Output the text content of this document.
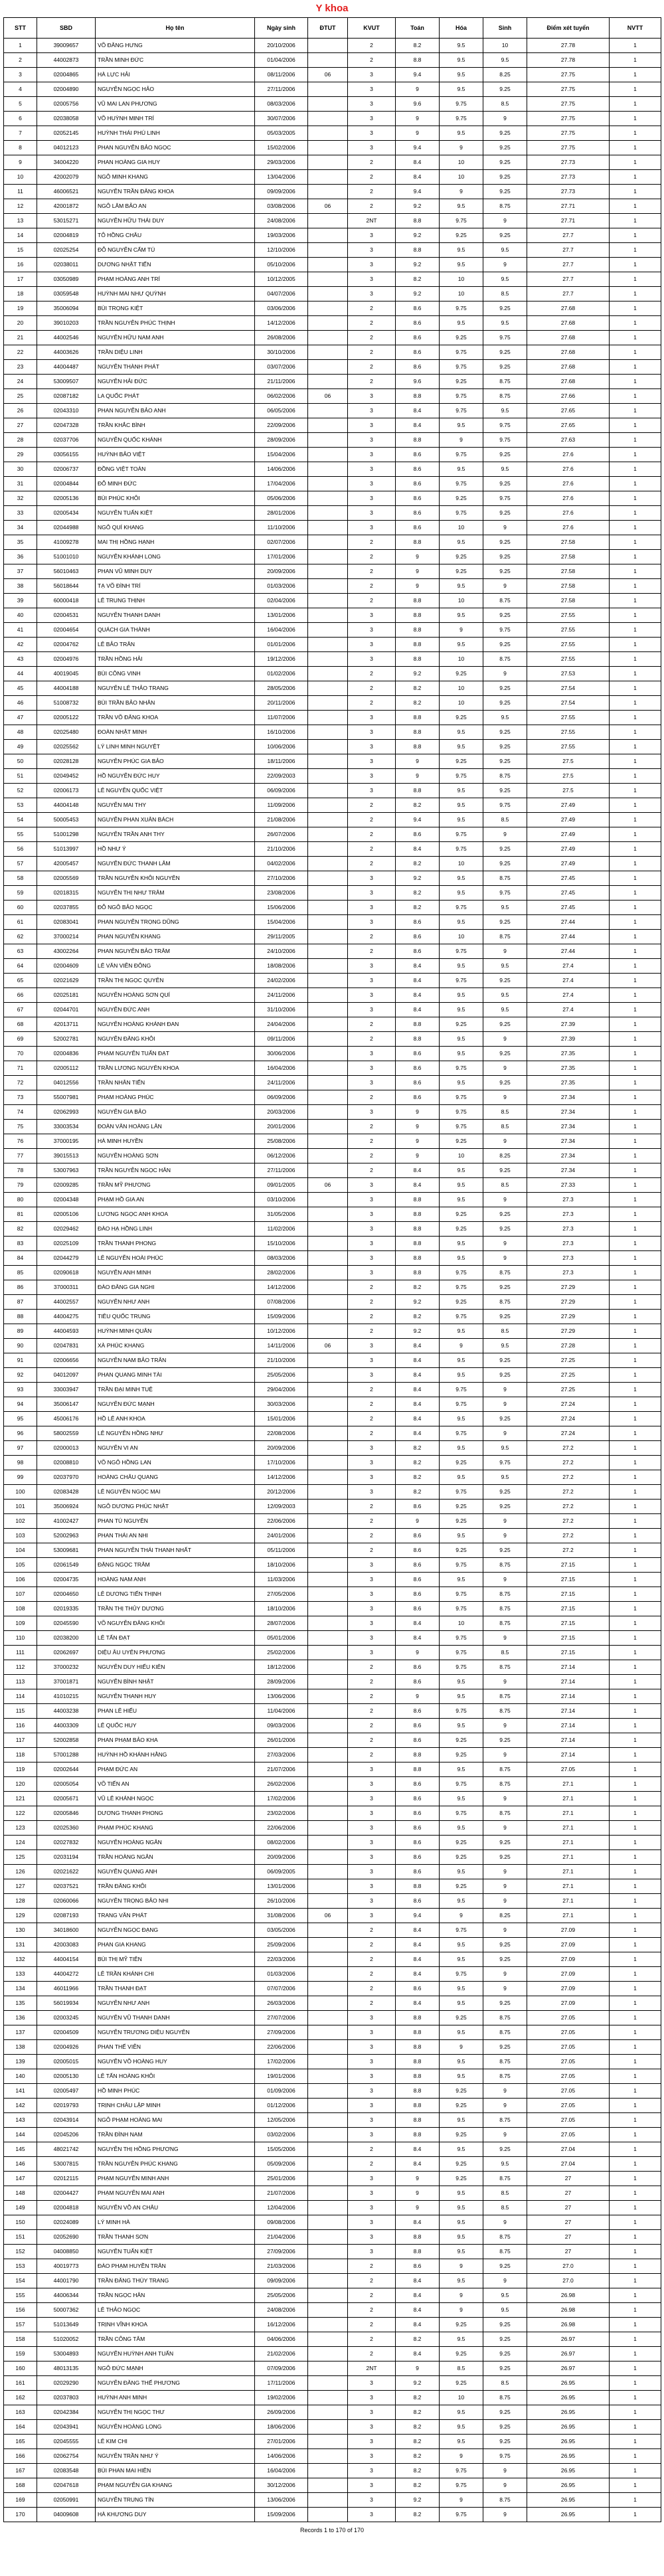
Y khoa
STT	SBD	Họ tên	Ngày sinh	ĐTUT	KVUT	Toán	Hóa	Sinh	Điểm xét tuyển	NVTT
1	39009657	VÕ ĐĂNG HƯNG	20/10/2006		2	8.2	9.5	10	27.78	1
2	44002873	TRẦN MINH ĐỨC	01/04/2006		2	8.8	9.5	9.5	27.78	1
3	02004865	HÀ LỰC HẢI	08/11/2006	06	3	9.4	9.5	8.25	27.75	1
4	02004890	NGUYỄN NGỌC HẢO	27/11/2006		3	9	9.5	9.25	27.75	1
5	02005756	VŨ MAI LAN PHƯƠNG	08/03/2006		3	9.6	9.75	8.5	27.75	1
6	02038058	VÕ HUỲNH MINH TRÍ	30/07/2006		3	9	9.75	9	27.75	1
7	02052145	HUỲNH THÁI PHÚ LINH	05/03/2005		3	9	9.5	9.25	27.75	1
8	04012123	PHAN NGUYỄN BẢO NGỌC	15/02/2006		3	9.4	9	9.25	27.75	1
9	34004220	PHAN HOÀNG GIA HUY	29/03/2006		2	8.4	10	9.25	27.73	1
10	42002079	NGÔ MINH KHANG	13/04/2006		2	8.4	10	9.25	27.73	1
11	46006521	NGUYỄN TRẦN ĐĂNG KHOA	09/09/2006		2	9.4	9	9.25	27.73	1
12	42001872	NGÔ LÂM BẢO AN	03/08/2006	06	2	9.2	9.5	8.75	27.71	1
13	53015271	NGUYỄN HỮU THÁI DUY	24/08/2006		2NT	8.8	9.75	9	27.71	1
14	02004819	TÔ HỒNG CHÂU	19/03/2006		3	9.2	9.25	9.25	27.7	1
15	02025254	ĐỖ NGUYỄN CẨM TÚ	12/10/2006		3	8.8	9.5	9.5	27.7	1
16	02038011	DƯƠNG NHẬT TIẾN	05/10/2006		3	9.2	9.5	9	27.7	1
17	03050989	PHẠM HOÀNG ANH TRÍ	10/12/2005		3	8.2	10	9.5	27.7	1
18	03059548	HUỲNH MAI NHƯ QUỲNH	04/07/2006		3	9.2	10	8.5	27.7	1
19	35006094	BÙI TRỌNG KIỆT	03/06/2006		2	8.6	9.75	9.25	27.68	1
20	39010203	TRẦN NGUYỄN PHÚC THỊNH	14/12/2006		2	8.6	9.5	9.5	27.68	1
21	44002546	NGUYỄN HỮU NAM ANH	26/08/2006		2	8.6	9.25	9.75	27.68	1
22	44003626	TRẦN DIỆU LINH	30/10/2006		2	8.6	9.75	9.25	27.68	1
23	44004487	NGUYỄN THÀNH PHÁT	03/07/2006		2	8.6	9.75	9.25	27.68	1
24	53009507	NGUYỄN HẢI ĐỨC	21/11/2006		2	9.6	9.25	8.75	27.68	1
25	02087182	LA QUỐC PHÁT	06/02/2006	06	3	8.8	9.75	8.75	27.66	1
26	02043310	PHAN NGUYỄN BẢO ANH	06/05/2006		3	8.4	9.75	9.5	27.65	1
27	02047328	TRẦN KHẮC BÌNH	22/09/2006		3	8.4	9.5	9.75	27.65	1
28	02037706	NGUYỄN QUỐC KHÁNH	28/09/2006		3	8.8	9	9.75	27.63	1
29	03056155	HUỲNH BẢO VIỆT	15/04/2006		3	8.6	9.75	9.25	27.6	1
30	02006737	ĐỒNG VIỆT TOÀN	14/06/2006		3	8.6	9.5	9.5	27.6	1
31	02004844	ĐỖ MINH ĐỨC	17/04/2006		3	8.6	9.75	9.25	27.6	1
32	02005136	BÙI PHÚC KHÔI	05/06/2006		3	8.6	9.25	9.75	27.6	1
33	02005434	NGUYỄN TUẤN KIỆT	28/01/2006		3	8.6	9.75	9.25	27.6	1
34	02044988	NGÔ QUÍ KHANG	11/10/2006		3	8.6	10	9	27.6	1
35	41009278	MAI THỊ HỒNG HẠNH	02/07/2006		2	8.8	9.5	9.25	27.58	1
36	51001010	NGUYỄN KHÁNH LONG	17/01/2006		2	9	9.25	9.25	27.58	1
37	56010463	PHAN VŨ MINH DUY	20/09/2006		2	9	9.25	9.25	27.58	1
38	56018644	TẠ VÕ ĐÌNH TRÍ	01/03/2006		2	9	9.5	9	27.58	1
39	60000418	LÊ TRUNG THỊNH	02/04/2006		2	8.8	10	8.75	27.58	1
40	02004531	NGUYỄN THANH DANH	13/01/2006		3	8.8	9.5	9.25	27.55	1
41	02004654	QUÁCH GIA THÀNH	16/04/2006		3	8.8	9	9.75	27.55	1
42	02004762	LÊ BẢO TRÂN	01/01/2006		3	8.8	9.5	9.25	27.55	1
43	02004976	TRẦN HỒNG HẢI	19/12/2006		3	8.8	10	8.75	27.55	1
44	40019045	BÙI CÔNG VINH	01/02/2006		2	9.2	9.25	9	27.53	1
45	44004188	NGUYỄN LÊ THẢO TRANG	28/05/2006		2	8.2	10	9.25	27.54	1
46	51008732	BÙI TRẦN BẢO NHÂN	20/11/2006		2	8.2	10	9.25	27.54	1
47	02005122	TRẦN VÕ ĐĂNG KHOA	11/07/2006		3	8.8	9.25	9.5	27.55	1
48	02025480	ĐOÀN NHẬT MINH	16/10/2006		3	8.8	9.5	9.25	27.55	1
49	02025562	LÝ LINH MINH NGUYỆT	10/06/2006		3	8.8	9.5	9.25	27.55	1
50	02028128	NGUYỄN PHÚC GIA BẢO	18/11/2006		3	9	9.25	9.25	27.5	1
51	02049452	HỒ NGUYỄN ĐỨC HUY	22/09/2003		3	9	9.75	8.75	27.5	1
52	02006173	LÊ NGUYỄN QUỐC VIỆT	06/09/2006		3	8.8	9.5	9.25	27.5	1
53	44004148	NGUYỄN MAI THY	11/09/2006		2	8.2	9.5	9.75	27.49	1
54	50005453	NGUYỄN PHAN XUÂN BÁCH	21/08/2006		2	9.4	9.5	8.5	27.49	1
55	51001298	NGUYỄN TRẦN ANH THY	26/07/2006		2	8.6	9.75	9	27.49	1
56	51013997	HỒ NHƯ Ý	21/10/2006		2	8.4	9.75	9.25	27.49	1
57	42005457	NGUYỄN ĐỨC THANH LÂM	04/02/2006		2	8.2	10	9.25	27.49	1
58	02005569	TRẦN NGUYỄN KHÔI NGUYÊN	27/10/2006		3	9.2	9.5	8.75	27.45	1
59	02018315	NGUYỄN THỊ NHƯ TRÂM	23/08/2006		3	8.2	9.5	9.75	27.45	1
60	02037855	ĐỖ NGÔ BẢO NGỌC	15/06/2006		3	8.2	9.75	9.5	27.45	1
61	02083041	PHAN NGUYỄN TRỌNG DŨNG	15/04/2006		3	8.6	9.5	9.25	27.44	1
62	37000214	PHAN NGUYỄN KHANG	29/11/2005		2	8.6	10	8.75	27.44	1
63	43002264	PHAN NGUYỄN BẢO TRÂM	24/10/2006		2	8.6	9.75	9	27.44	1
64	02004609	LÊ VĂN VIỄN ĐÔNG	18/08/2006		3	8.4	9.5	9.5	27.4	1
65	02021629	TRẦN THỊ NGỌC QUYÊN	24/02/2006		3	8.4	9.75	9.25	27.4	1
66	02025181	NGUYỄN HOÀNG SƠN QUÍ	24/11/2006		3	8.4	9.5	9.5	27.4	1
67	02044701	NGUYỄN ĐỨC ANH	31/10/2006		3	8.4	9.5	9.5	27.4	1
68	42013711	NGUYỄN HOÀNG KHÁNH ĐAN	24/04/2006		2	8.8	9.25	9.25	27.39	1
69	52002781	NGUYỄN ĐĂNG KHÔI	09/11/2006		2	8.8	9.5	9	27.39	1
70	02004836	PHẠM NGUYỄN TUẤN ĐẠT	30/06/2006		3	8.6	9.5	9.25	27.35	1
71	02005112	TRẦN LƯƠNG NGUYÊN KHOA	16/04/2006		3	8.6	9.75	9	27.35	1
72	04012556	TRẦN NHÂN TIẾN	24/11/2006		3	8.6	9.5	9.25	27.35	1
73	55007981	PHẠM HOÀNG PHÚC	06/09/2006		2	8.6	9.75	9	27.34	1
74	02062993	NGUYỄN GIA BẢO	20/03/2006		3	9	9.75	8.5	27.34	1
75	33003534	ĐOÀN VĂN HOÀNG LÂN	20/01/2006		2	9	9.75	8.5	27.34	1
76	37000195	HÀ MINH HUYỀN	25/08/2006		2	9	9.25	9	27.34	1
77	39015513	NGUYỄN HOÀNG SƠN	06/12/2006		2	9	10	8.25	27.34	1
78	53007963	TRẦN NGUYỄN NGỌC HÂN	27/11/2006		2	8.4	9.5	9.25	27.34	1
79	02009285	TRẦN MỸ PHƯƠNG	09/01/2005	06	3	8.4	9.5	8.5	27.33	1
80	02004348	PHẠM HỒ GIA AN	03/10/2006		3	8.8	9.5	9	27.3	1
81	02005106	LƯƠNG NGỌC ANH KHOA	31/05/2006		3	8.8	9.25	9.25	27.3	1
82	02029462	ĐÀO HẠ HỒNG LINH	11/02/2006		3	8.8	9.25	9.25	27.3	1
83	02025109	TRẦN THANH PHONG	15/10/2006		3	8.8	9.5	9	27.3	1
84	02044279	LÊ NGUYỄN HOÀI PHÚC	08/03/2006		3	8.8	9.5	9	27.3	1
85	02090618	NGUYỄN ANH MINH	28/02/2006		3	8.8	9.75	8.75	27.3	1
86	37000311	ĐÀO ĐĂNG GIA NGHI	14/12/2006		2	8.2	9.75	9.25	27.29	1
87	44002557	NGUYỄN NHƯ ANH	07/08/2006		2	9.2	9.25	8.75	27.29	1
88	44004275	TIÊU QUỐC TRUNG	15/09/2006		2	8.2	9.75	9.25	27.29	1
89	44004593	HUỲNH MINH QUÂN	10/12/2006		2	9.2	9.5	8.5	27.29	1
90	02047831	XÀ PHÚC KHANG	14/11/2006	06	3	8.4	9	9.5	27.28	1
91	02006656	NGUYỄN NAM BẢO TRÂN	21/10/2006		3	8.4	9.5	9.25	27.25	1
92	04012097	PHAN QUANG MINH TÀI	25/05/2006		3	8.4	9.5	9.25	27.25	1
93	33003947	TRẦN ĐẠI MINH TUỆ	29/04/2006		2	8.4	9.75	9	27.25	1
94	35006147	NGUYỄN ĐỨC MẠNH	30/03/2006		2	8.4	9.75	9	27.24	1
95	45006176	HỒ LÊ ANH KHOA	15/01/2006		2	8.4	9.5	9.25	27.24	1
96	58002559	LÊ NGUYỄN HỒNG NHƯ	22/08/2006		2	8.4	9.75	9	27.24	1
97	02000013	NGUYỄN VI AN	20/09/2006		3	8.2	9.5	9.5	27.2	1
98	02008810	VÕ NGÔ HỒNG LAN	17/10/2006		3	8.2	9.25	9.75	27.2	1
99	02037970	HOÀNG CHÂU QUANG	14/12/2006		3	8.2	9.5	9.5	27.2	1
100	02083428	LÊ NGUYỄN NGỌC MAI	20/12/2006		3	8.2	9.75	9.25	27.2	1
101	35006924	NGÔ DƯƠNG PHÚC NHẬT	12/09/2003		2	8.6	9.25	9.25	27.2	1
102	41002427	PHAN TÚ NGUYÊN	22/06/2006		2	9	9.25	9	27.2	1
103	52002963	PHAN THÁI AN NHI	24/01/2006		2	8.6	9.5	9	27.2	1
104	53009681	PHAN NGUYỄN THÁI THANH NHẤT	05/11/2006		2	8.6	9.25	9.25	27.2	1
105	02061549	ĐẶNG NGỌC TRÂM	18/10/2006		3	8.6	9.75	8.75	27.15	1
106	02004735	HOÀNG NAM ANH	11/03/2006		3	8.6	9.5	9	27.15	1
107	02004650	LÊ DƯƠNG TIẾN THỊNH	27/05/2006		3	8.6	9.75	8.75	27.15	1
108	02019335	TRẦN THỊ THỦY DƯƠNG	18/10/2006		3	8.6	9.75	8.75	27.15	1
109	02045590	VÕ NGUYỄN ĐĂNG KHÔI	28/07/2006		3	8.4	10	8.75	27.15	1
110	02038200	LÊ TẤN ĐẠT	05/01/2006		3	8.4	9.75	9	27.15	1
111	02062697	DIỆU ÂU UYÊN PHƯƠNG	25/02/2006		3	9	9.75	8.5	27.15	1
112	37000232	NGUYỄN DUY HIẾU KIÊN	18/12/2006		2	8.6	9.75	8.75	27.14	1
113	37001871	NGUYỄN BÌNH NHẬT	28/09/2006		2	8.6	9.5	9	27.14	1
114	41010215	NGUYỄN THANH HUY	13/06/2006		2	9	9.5	8.75	27.14	1
115	44003238	PHAN LÊ HIẾU	11/04/2006		2	8.6	9.75	8.75	27.14	1
116	44003309	LÊ QUỐC HUY	09/03/2006		2	8.6	9.5	9	27.14	1
117	52002858	PHAN PHẠM BẢO KHA	26/01/2006		2	8.6	9.25	9.25	27.14	1
118	57001288	HUỲNH HỒ KHÁNH HẰNG	27/03/2006		2	8.8	9.25	9	27.14	1
119	02002644	PHẠM ĐỨC AN	21/07/2006		3	8.8	9.5	8.75	27.05	1
120	02005054	VÕ TIẾN AN	26/02/2006		3	8.6	9.75	8.75	27.1	1
121	02005671	VŨ LÊ KHÁNH NGỌC	17/02/2006		3	8.6	9.5	9	27.1	1
122	02005846	DƯƠNG THANH PHONG	23/02/2006		3	8.6	9.75	8.75	27.1	1
123	02025360	PHẠM PHÚC KHANG	22/06/2006		3	8.6	9.5	9	27.1	1
124	02027832	NGUYỄN HOÀNG NGÂN	08/02/2006		3	8.6	9.25	9.25	27.1	1
125	02031194	TRẦN HOÀNG NGÂN	20/09/2006		3	8.6	9.25	9.25	27.1	1
126	02021622	NGUYỄN QUANG ANH	06/09/2005		3	8.6	9.5	9	27.1	1
127	02037521	TRẦN ĐĂNG KHÔI	13/01/2006		3	8.8	9.25	9	27.1	1
128	02060066	NGUYỄN TRỌNG BẢO NHI	26/10/2006		3	8.6	9.5	9	27.1	1
129	02087193	TRANG VĂN PHÁT	31/08/2006	06	3	9.4	9	8.25	27.1	1
130	34018600	NGUYỄN NGỌC ĐẠNG	03/05/2006		2	8.4	9.75	9	27.09	1
131	42003083	PHAN GIA KHANG	25/09/2006		2	8.4	9.5	9.25	27.09	1
132	44004154	BÙI THỊ MỸ TIÊN	22/03/2006		2	8.4	9.5	9.25	27.09	1
133	44004272	LÊ TRẦN KHÁNH CHI	01/03/2006		2	8.4	9.75	9	27.09	1
134	46011966	TRẦN THANH ĐẠT	07/07/2006		2	8.6	9.5	9	27.09	1
135	56019934	NGUYỄN NHƯ ANH	26/03/2006		2	8.4	9.5	9.25	27.09	1
136	02003245	NGUYỄN VŨ THANH DANH	27/07/2006		3	8.8	9.25	8.75	27.05	1
137	02004509	NGUYỄN TRƯƠNG DIỆU NGUYÊN	27/09/2006		3	8.8	9.5	8.75	27.05	1
138	02004926	PHAN THẾ VIỄN	22/06/2006		3	8.8	9	9.25	27.05	1
139	02005015	NGUYỄN VÕ HOÀNG HUY	17/02/2006		3	8.8	9.5	8.75	27.05	1
140	02005130	LÊ TẤN HOÀNG KHÔI	19/01/2006		3	8.8	9.5	8.75	27.05	1
141	02005497	HỒ MINH PHÚC	01/09/2006		3	8.8	9.25	9	27.05	1
142	02019793	TRỊNH CHÂU LẬP MINH	01/12/2006		3	8.8	9.25	9	27.05	1
143	02043914	NGÔ PHẠM HOÀNG MAI	12/05/2006		3	8.8	9.5	8.75	27.05	1
144	02045206	TRẦN ĐÌNH NAM	03/02/2006		3	8.8	9.25	9	27.05	1
145	48021742	NGUYỄN THỊ HỒNG PHƯƠNG	15/05/2006		2	8.4	9.5	9.25	27.04	1
146	53007815	TRẦN NGUYỄN PHÚC KHANG	05/09/2006		2	8.4	9.25	9.5	27.04	1
147	02012115	PHẠM NGUYỄN MINH ANH	25/01/2006		3	9	9.25	8.75	27	1
148	02004427	PHẠM NGUYỄN MAI ANH	21/07/2006		3	9	9.5	8.5	27	1
149	02004818	NGUYỄN VÕ AN CHÂU	12/04/2006		3	9	9.5	8.5	27	1
150	02024089	LÝ MINH HÀ	09/08/2006		3	8.4	9.5	9	27	1
151	02052690	TRẦN THANH SƠN	21/04/2006		3	8.8	9.5	8.75	27	1
152	04008850	NGUYỄN TUẤN KIỆT	27/09/2006		3	8.8	9.5	8.75	27	1
153	40019773	ĐÀO PHẠM HUYỀN TRÂN	21/03/2006		2	8.6	9	9.25	27.0	1
154	44001790	TRẦN ĐĂNG THÙY TRANG	09/09/2006		2	8.4	9.5	9	27.0	1
155	44006344	TRẦN NGỌC HÂN	25/05/2006		2	8.4	9	9.5	26.98	1
156	50007362	LÊ THẢO NGỌC	24/08/2006		2	8.4	9	9.5	26.98	1
157	51013649	TRỊNH VĨNH KHOA	16/12/2006		2	8.4	9.25	9.25	26.98	1
158	51020052	TRẦN CÔNG TÂM	04/06/2006		2	8.2	9.5	9.25	26.97	1
159	53004893	NGUYỄN HUỲNH ANH TUẤN	21/02/2006		2	8.4	9.25	9.25	26.97	1
160	48013135	NGÔ ĐỨC MẠNH	07/09/2006		2NT	9	8.5	9.25	26.97	1
161	02029290	NGUYỄN ĐĂNG THẾ PHƯƠNG	17/11/2006		3	9.2	9.25	8.5	26.95	1
162	02037803	HUỲNH ANH MINH	19/02/2006		3	8.2	10	8.75	26.95	1
163	02042384	NGUYỄN THỊ NGỌC THƯ	26/09/2006		3	8.2	9.5	9.25	26.95	1
164	02043941	NGUYỄN HOÀNG LONG	18/06/2006		3	8.2	9.5	9.25	26.95	1
165	02045555	LÊ KIM CHI	27/01/2006		3	8.2	9.5	9.25	26.95	1
166	02062754	NGUYỄN TRẦN NHƯ Ý	14/06/2006		3	8.2	9	9.75	26.95	1
167	02083548	BÙI PHAN MAI HIÊN	16/04/2006		3	8.2	9.75	9	26.95	1
168	02047618	PHẠM NGUYỄN GIA KHANG	30/12/2006		3	8.2	9.75	9	26.95	1
169	02050991	NGUYỄN TRUNG TÍN	13/06/2006		3	9.2	9	8.75	26.95	1
170	04009608	HÀ KHƯƠNG DUY	15/09/2006		3	8.2	9.75	9	26.95	1
Records 1 to 170 of 170
